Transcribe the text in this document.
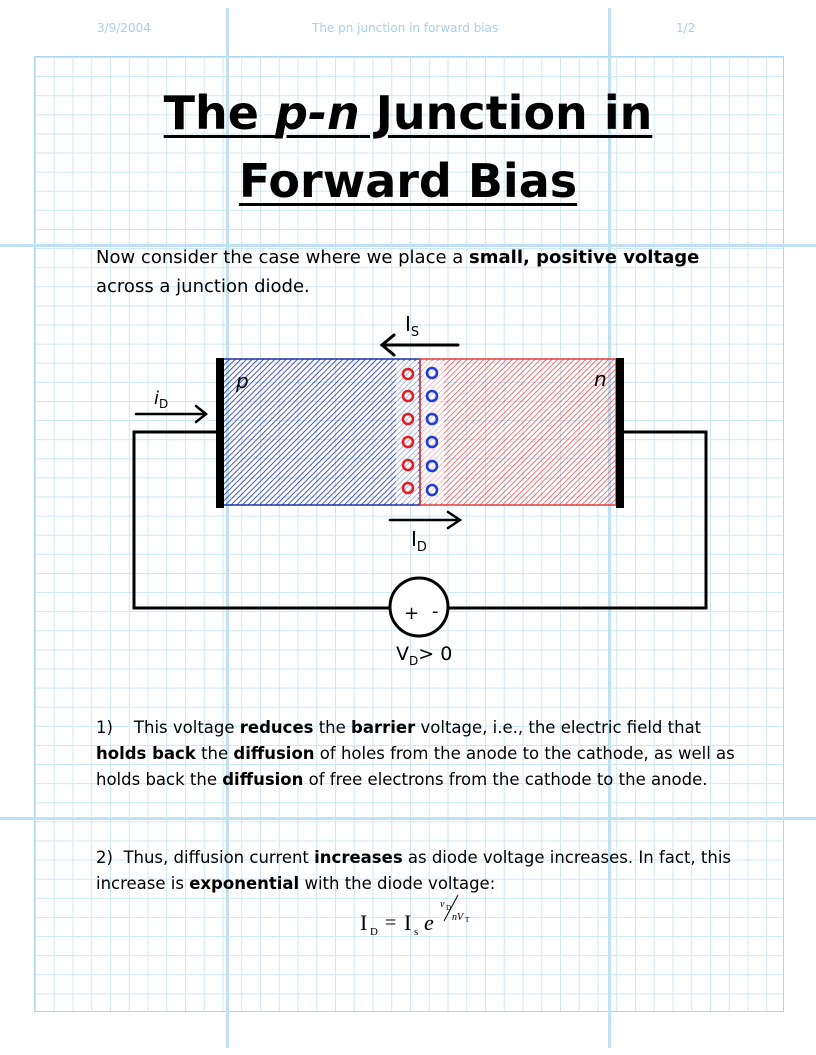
3/9/2004	The pn junction in forward bias	1/2
The p-n Junction in
Forward Bias
Now consider the case where we place a small, positive voltage across a junction diode.
p	n
$I_S$
$I_D$
$i_D$
+ -
$V_D> 0$
1) This voltage reduces the barrier voltage, i.e., the electric field that holds back the diffusion of holes from the anode to the cathode, as well as holds back the diffusion of free electrons from the cathode to the anode.
2) Thus, diffusion current increases as diode voltage increases. In fact, this increase is exponential with the diode voltage:
I D = I s e
v D
nV T
